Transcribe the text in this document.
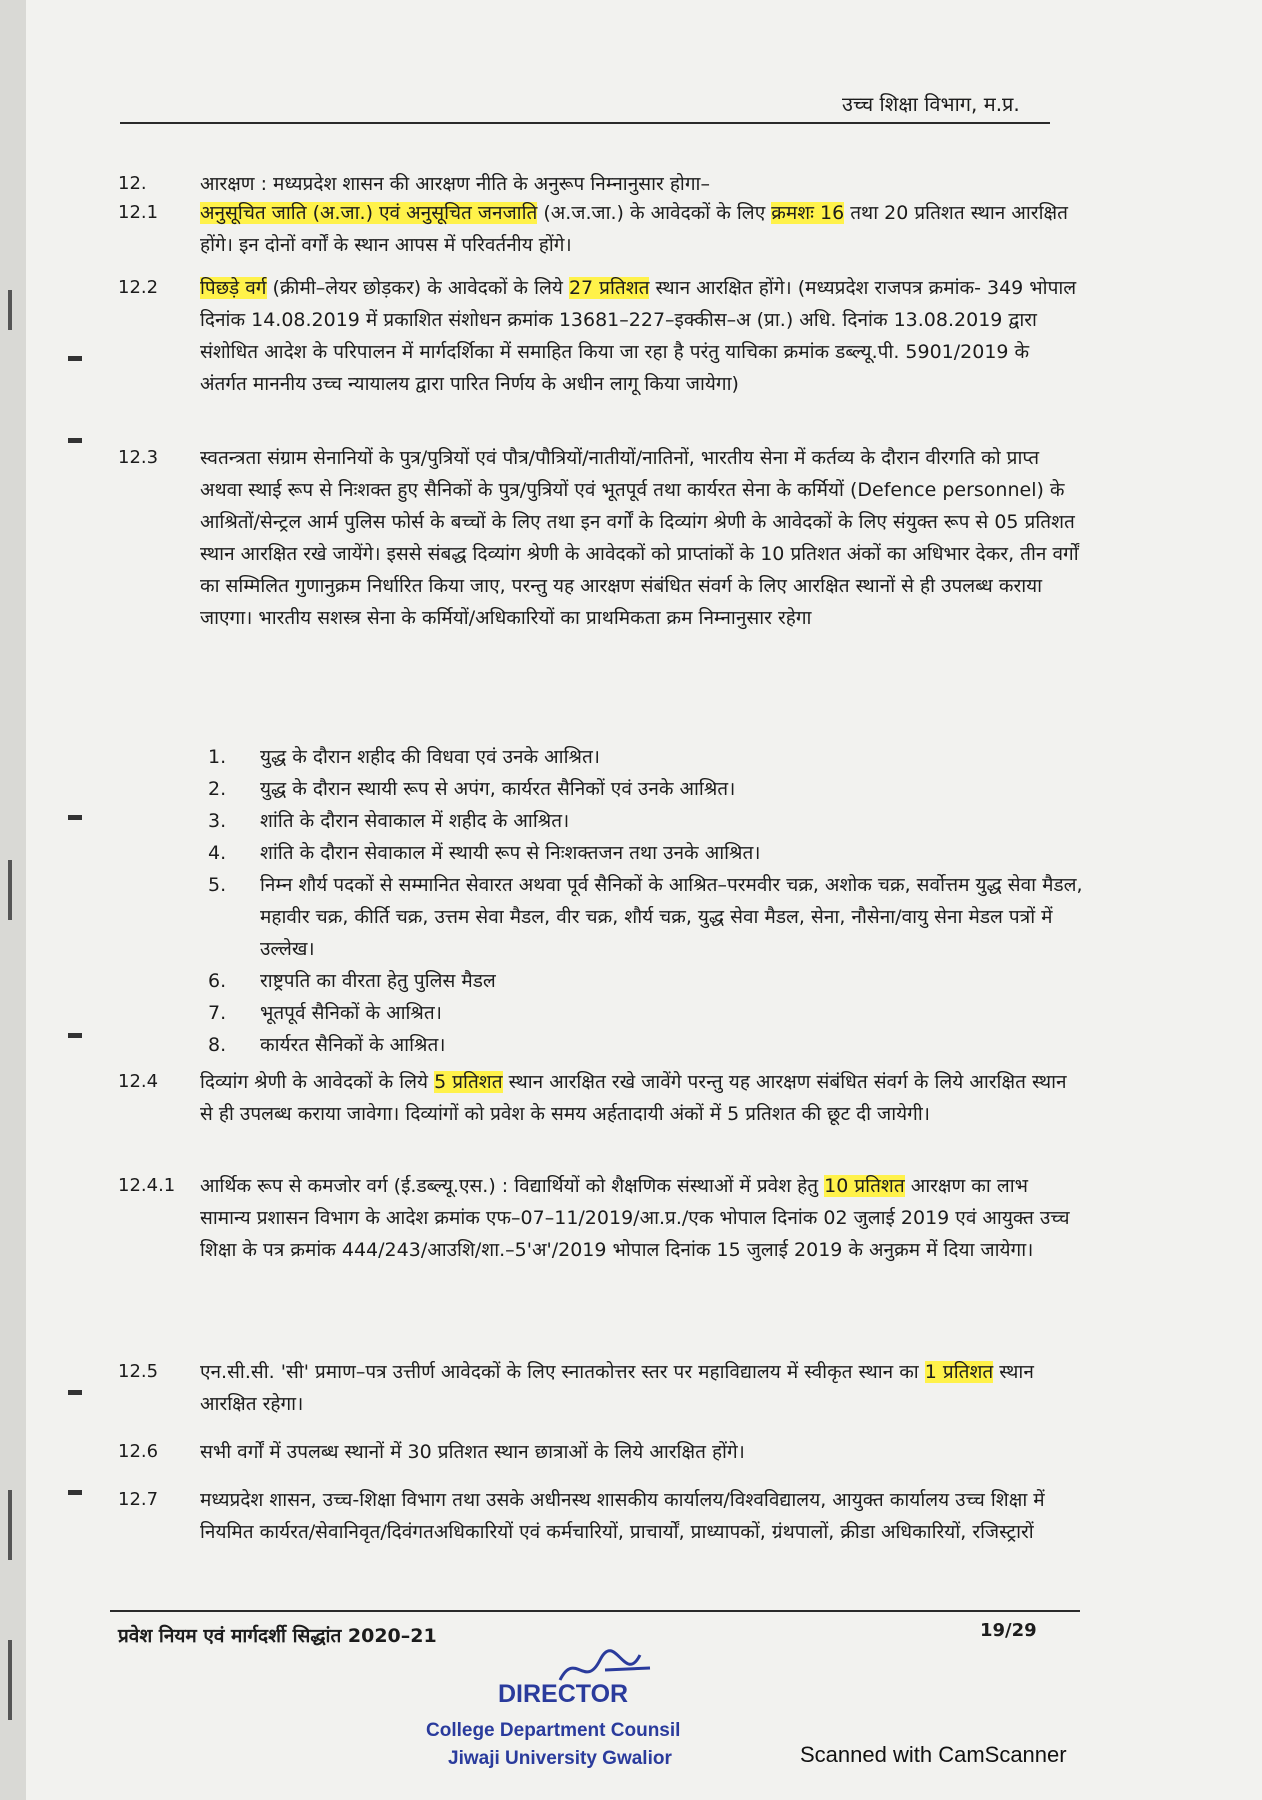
उच्च शिक्षा विभाग, म.प्र.
12.	आरक्षण : मध्यप्रदेश शासन की आरक्षण नीति के अनुरूप निम्नानुसार होगा–
12.1	अनुसूचित जाति (अ.जा.) एवं अनुसूचित जनजाति (अ.ज.जा.) के आवेदकों के लिए क्रमशः 16 तथा 20 प्रतिशत स्थान आरक्षित होंगे। इन दोनों वर्गों के स्थान आपस में परिवर्तनीय होंगे।
12.2	पिछड़े वर्ग (क्रीमी–लेयर छोड़कर) के आवेदकों के लिये 27 प्रतिशत स्थान आरक्षित होंगे। (मध्यप्रदेश राजपत्र क्रमांक- 349 भोपाल दिनांक 14.08.2019 में प्रकाशित संशोधन क्रमांक 13681–227–इक्कीस–अ (प्रा.) अधि. दिनांक 13.08.2019 द्वारा संशोधित आदेश के परिपालन में मार्गदर्शिका में समाहित किया जा रहा है परंतु याचिका क्रमांक डब्ल्यू.पी. 5901/2019 के अंतर्गत माननीय उच्च न्यायालय द्वारा पारित निर्णय के अधीन लागू किया जायेगा)
12.3	स्वतन्त्रता संग्राम सेनानियों के पुत्र/पुत्रियों एवं पौत्र/पौत्रियों/नातीयों/नातिनों, भारतीय सेना में कर्तव्य के दौरान वीरगति को प्राप्त अथवा स्थाई रूप से निःशक्त हुए सैनिकों के पुत्र/पुत्रियों एवं भूतपूर्व तथा कार्यरत सेना के कर्मियों (Defence personnel) के आश्रितों/सेन्ट्रल आर्म पुलिस फोर्स के बच्चों के लिए तथा इन वर्गों के दिव्यांग श्रेणी के आवेदकों के लिए संयुक्त रूप से 05 प्रतिशत स्थान आरक्षित रखे जायेंगे। इससे संबद्ध दिव्यांग श्रेणी के आवेदकों को प्राप्तांकों के 10 प्रतिशत अंकों का अधिभार देकर, तीन वर्गों का सम्मिलित गुणानुक्रम निर्धारित किया जाए, परन्तु यह आरक्षण संबंधित संवर्ग के लिए आरक्षित स्थानों से ही उपलब्ध कराया जाएगा। भारतीय सशस्त्र सेना के कर्मियों/अधिकारियों का प्राथमिकता क्रम निम्नानुसार रहेगा
1.	युद्ध के दौरान शहीद की विधवा एवं उनके आश्रित।
2.	युद्ध के दौरान स्थायी रूप से अपंग, कार्यरत सैनिकों एवं उनके आश्रित।
3.	शांति के दौरान सेवाकाल में शहीद के आश्रित।
4.	शांति के दौरान सेवाकाल में स्थायी रूप से निःशक्तजन तथा उनके आश्रित।
5.	निम्न शौर्य पदकों से सम्मानित सेवारत अथवा पूर्व सैनिकों के आश्रित–परमवीर चक्र, अशोक चक्र, सर्वोत्तम युद्ध सेवा मैडल, महावीर चक्र, कीर्ति चक्र, उत्तम सेवा मैडल, वीर चक्र, शौर्य चक्र, युद्ध सेवा मैडल, सेना, नौसेना/वायु सेना मेडल पत्रों में उल्लेख।
6.	राष्ट्रपति का वीरता हेतु पुलिस मैडल
7.	भूतपूर्व सैनिकों के आश्रित।
8.	कार्यरत सैनिकों के आश्रित।
12.4	दिव्यांग श्रेणी के आवेदकों के लिये 5 प्रतिशत स्थान आरक्षित रखे जावेंगे परन्तु यह आरक्षण संबंधित संवर्ग के लिये आरक्षित स्थान से ही उपलब्ध कराया जावेगा। दिव्यांगों को प्रवेश के समय अर्हतादायी अंकों में 5 प्रतिशत की छूट दी जायेगी।
12.4.1	आर्थिक रूप से कमजोर वर्ग (ई.डब्ल्यू.एस.) : विद्यार्थियों को शैक्षणिक संस्थाओं में प्रवेश हेतु 10 प्रतिशत आरक्षण का लाभ सामान्य प्रशासन विभाग के आदेश क्रमांक एफ–07–11/2019/आ.प्र./एक भोपाल दिनांक 02 जुलाई 2019 एवं आयुक्त उच्च शिक्षा के पत्र क्रमांक 444/243/आउशि/शा.–5'अ'/2019 भोपाल दिनांक 15 जुलाई 2019 के अनुक्रम में दिया जायेगा।
12.5	एन.सी.सी. 'सी' प्रमाण–पत्र उत्तीर्ण आवेदकों के लिए स्नातकोत्तर स्तर पर महाविद्यालय में स्वीकृत स्थान का 1 प्रतिशत स्थान आरक्षित रहेगा।
12.6	सभी वर्गों में उपलब्ध स्थानों में 30 प्रतिशत स्थान छात्राओं के लिये आरक्षित होंगे।
12.7	मध्यप्रदेश शासन, उच्च-शिक्षा विभाग तथा उसके अधीनस्थ शासकीय कार्यालय/विश्वविद्यालय, आयुक्त कार्यालय उच्च शिक्षा में नियमित कार्यरत/सेवानिवृत/दिवंगतअधिकारियों एवं कर्मचारियों, प्राचार्यों, प्राध्यापकों, ग्रंथपालों, क्रीडा अधिकारियों, रजिस्ट्रारों
प्रवेश नियम एवं मार्गदर्शी सिद्धांत 2020–21	19/29
DIRECTOR
College Department Counsil
Jiwaji University Gwalior	Scanned with CamScanner
